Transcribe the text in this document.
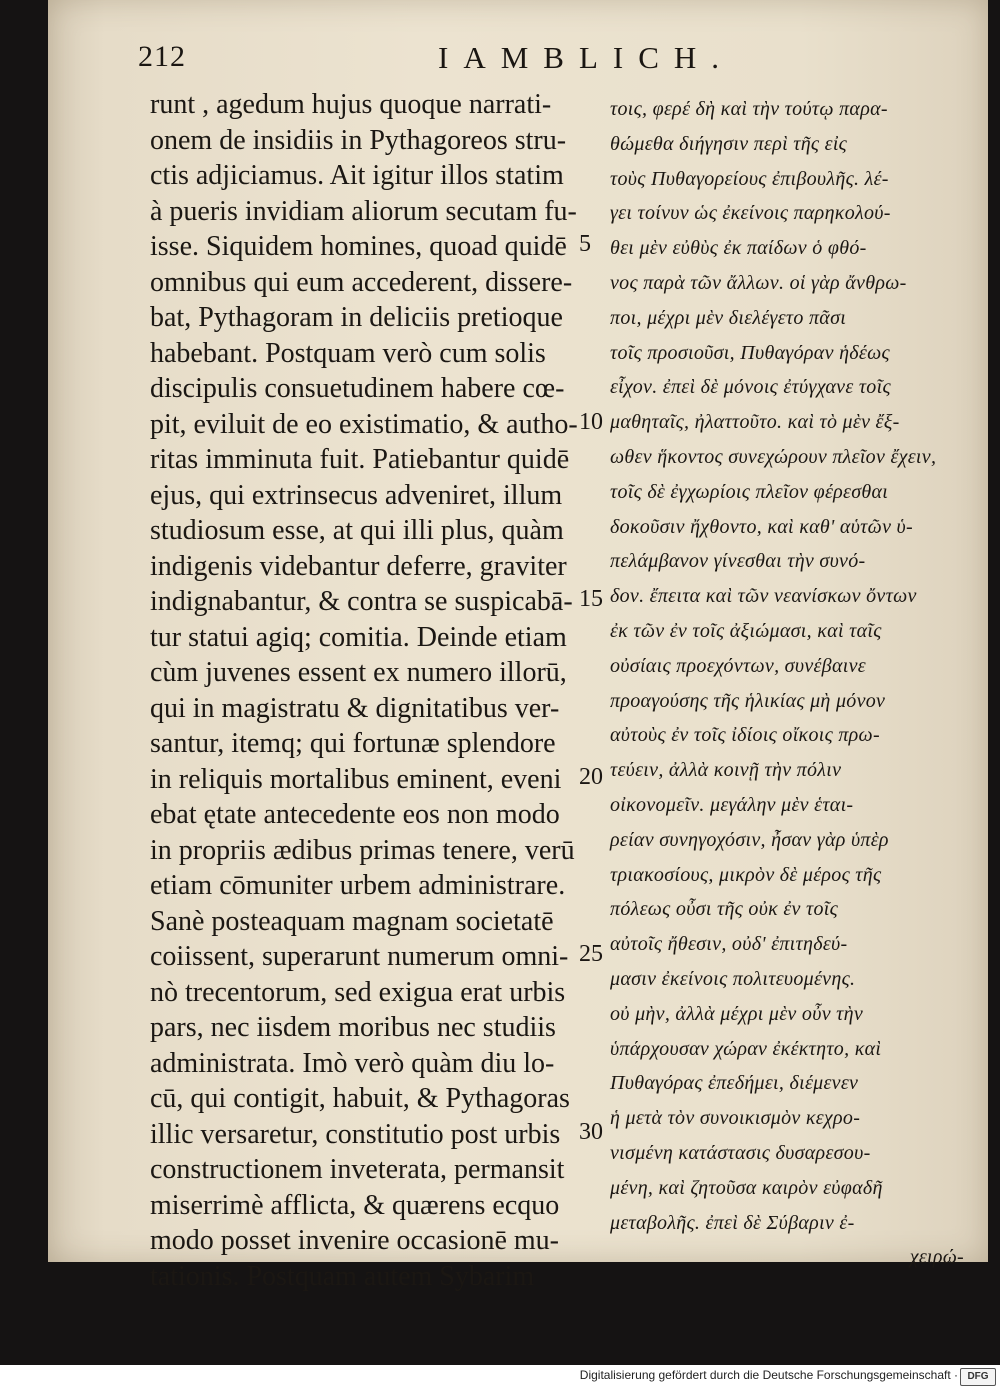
212	IAMBLICH.
runt , agedum hujus quoque narrati-
onem de insidiis in Pythagoreos stru-
ctis adjiciamus. Ait igitur illos statim
à pueris invidiam aliorum secutam fu-
isse. Siquidem homines, quoad quidē
omnibus qui eum accederent, dissere-
bat, Pythagoram in deliciis pretioque
habebant. Postquam verò cum solis
discipulis consuetudinem habere cœ-
pit, eviluit de eo existimatio, & autho-
ritas imminuta fuit. Patiebantur quidē
ejus, qui extrinsecus adveniret, illum
studiosum esse, at qui illi plus, quàm
indigenis videbantur deferre, graviter
indignabantur, & contra se suspicabā-
tur statui agiq; comitia. Deinde etiam
cùm juvenes essent ex numero illorū,
qui in magistratu & dignitatibus ver-
santur, itemq; qui fortunæ splendore
in reliquis mortalibus eminent, eveni
ebat ętate antecedente eos non modo
in propriis ædibus primas tenere, verū
etiam cōmuniter urbem administrare.
Sanè posteaquam magnam societatē
coiissent, superarunt numerum omni-
nò trecentorum, sed exigua erat urbis
pars, nec iisdem moribus nec studiis
administrata. Imò verò quàm diu lo-
cū, qui contigit, habuit, & Pythagoras
illic versaretur, constitutio post urbis
constructionem inveterata, permansit
miserrimè afflicta, & quærens ecquo
modo posset invenire occasionē mu-
tationis. Postquam autem Sybarim
5
10
15
20
25
30
τοις, φερέ δὴ καὶ τὴν τούτῳ παρα-
θώμεθα διήγησιν περὶ τῆς εἰς
τοὺς Πυθαγορείους ἐπιβουλῆς. λέ-
γει τοίνυν ὡς ἐκείνοις παρηκολού-
θει μὲν εὐθὺς ἐκ παίδων ὁ φθό-
νος παρὰ τῶν ἄλλων. οἱ γὰρ ἄνθρω-
ποι, μέχρι μὲν διελέγετο πᾶσι
τοῖς προσιοῦσι, Πυθαγόραν ἡδέως
εἶχον. ἐπεὶ δὲ μόνοις ἐτύγχανε τοῖς
μαθηταῖς, ἠλαττοῦτο. καὶ τὸ μὲν ἔξ-
ωθεν ἥκοντος συνεχώρουν πλεῖον ἔχειν,
τοῖς δὲ ἐγχωρίοις πλεῖον φέρεσθαι
δοκοῦσιν ἤχθοντο, καὶ καθ' αὑτῶν ὑ-
πελάμβανον γίνεσθαι τὴν συνό-
δον. ἔπειτα καὶ τῶν νεανίσκων ὄντων
ἐκ τῶν ἐν τοῖς ἀξιώμασι, καὶ ταῖς
οὐσίαις προεχόντων, συνέβαινε
προαγούσης τῆς ἡλικίας μὴ μόνον
αὐτοὺς ἐν τοῖς ἰδίοις οἴκοις πρω-
τεύειν, ἀλλὰ κοινῇ τὴν πόλιν
οἰκονομεῖν. μεγάλην μὲν ἑται-
ρείαν συνηγοχόσιν, ἦσαν γὰρ ὑπὲρ
τριακοσίους, μικρὸν δὲ μέρος τῆς
πόλεως οὖσι τῆς οὐκ ἐν τοῖς
αὐτοῖς ἤθεσιν, οὐδ' ἐπιτηδεύ-
μασιν ἐκείνοις πολιτευομένης.
οὐ μὴν, ἀλλὰ μέχρι μὲν οὖν τὴν
ὑπάρχουσαν χώραν ἐκέκτητο, καὶ
Πυθαγόρας ἐπεδήμει, διέμενεν
ἡ μετὰ τὸν συνοικισμὸν κεχρο-
νισμένη κατάστασις δυσαρεσου-
μένη, καὶ ζητοῦσα καιρὸν εὐφαδῆ
μεταβολῆς. ἐπεὶ δὲ Σύβαριν ἐ-
χειρώ-
Digitalisierung gefördert durch die Deutsche Forschungsgemeinschaft · DFG
